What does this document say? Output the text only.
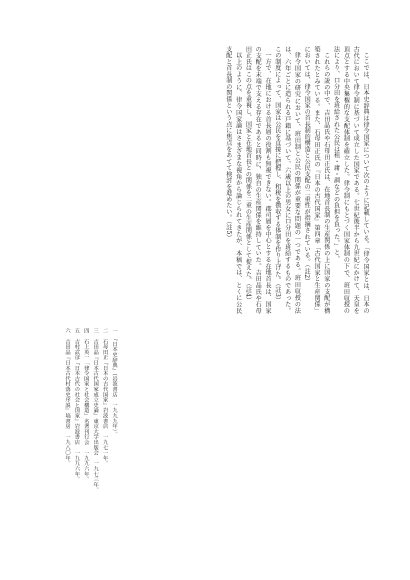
ここでは、日本史辞典は律令国家について次のように記載している。「律令国家とは、日本の古代において律令制に基づいて成立した国家である。七世紀後半から九世紀にかけて、天皇を頂点とする中央集権的な支配体制を確立した。律令制にもとづく国家体制の下で、班田収授の法により、口分田を班給された公民は租・庸・調などの負担を負った。」と。

これらの説の中で、吉田晶氏や石母田正氏は、在地首長制の生産関係の上に国家の支配が構築されたとみている。また、石母田正氏の『日本の古代国家』第四章「古代国家と生産関係」においては、律令国家の首長制的構造と公民支配の二重性が指摘されている。（註2）

律令国家の研究において、班田制と公民の関係が重要な問題の一つである。班田収授の法は、六年ごとに造られる戸籍に基づいて、六歳以上の男女に口分田を班給するものであった。この制度によって、国家は公民を直接に把握し、租税を徴収する体制を作り上げた。（註3）

一方で、在地における首長層の役割も無視できない。郡司層を中心とする在地首長は、国家の支配を末端で支える存在であると同時に、独自の生産関係を維持していた。吉田晶氏や石母田正氏はこの点を重視し、国家と在地首長との関係を二重の生産関係として捉えた。（註4）

以上のように、律令国家論はさまざまな視角から論じられてきたが、本稿では、とくに公民支配と首長制の関係という点に焦点をあてて検討を進めたい。（註5）

一　『日本史辞典』（岩波書店　一九九九年）。
二　石母田正『日本の古代国家』岩波書店　一九七一年。
三　吉田晶『日本古代国家成立史論』東京大学出版会　一九七三年。
四　石上英一「律令国家と社会構造」名著刊行会　一九九六年。
五　吉村武彦『日本古代の社会と国家』岩波書店　一九九六年。
六　吉田晶『日本古代村落史序説』塙書房　一九八〇年。
